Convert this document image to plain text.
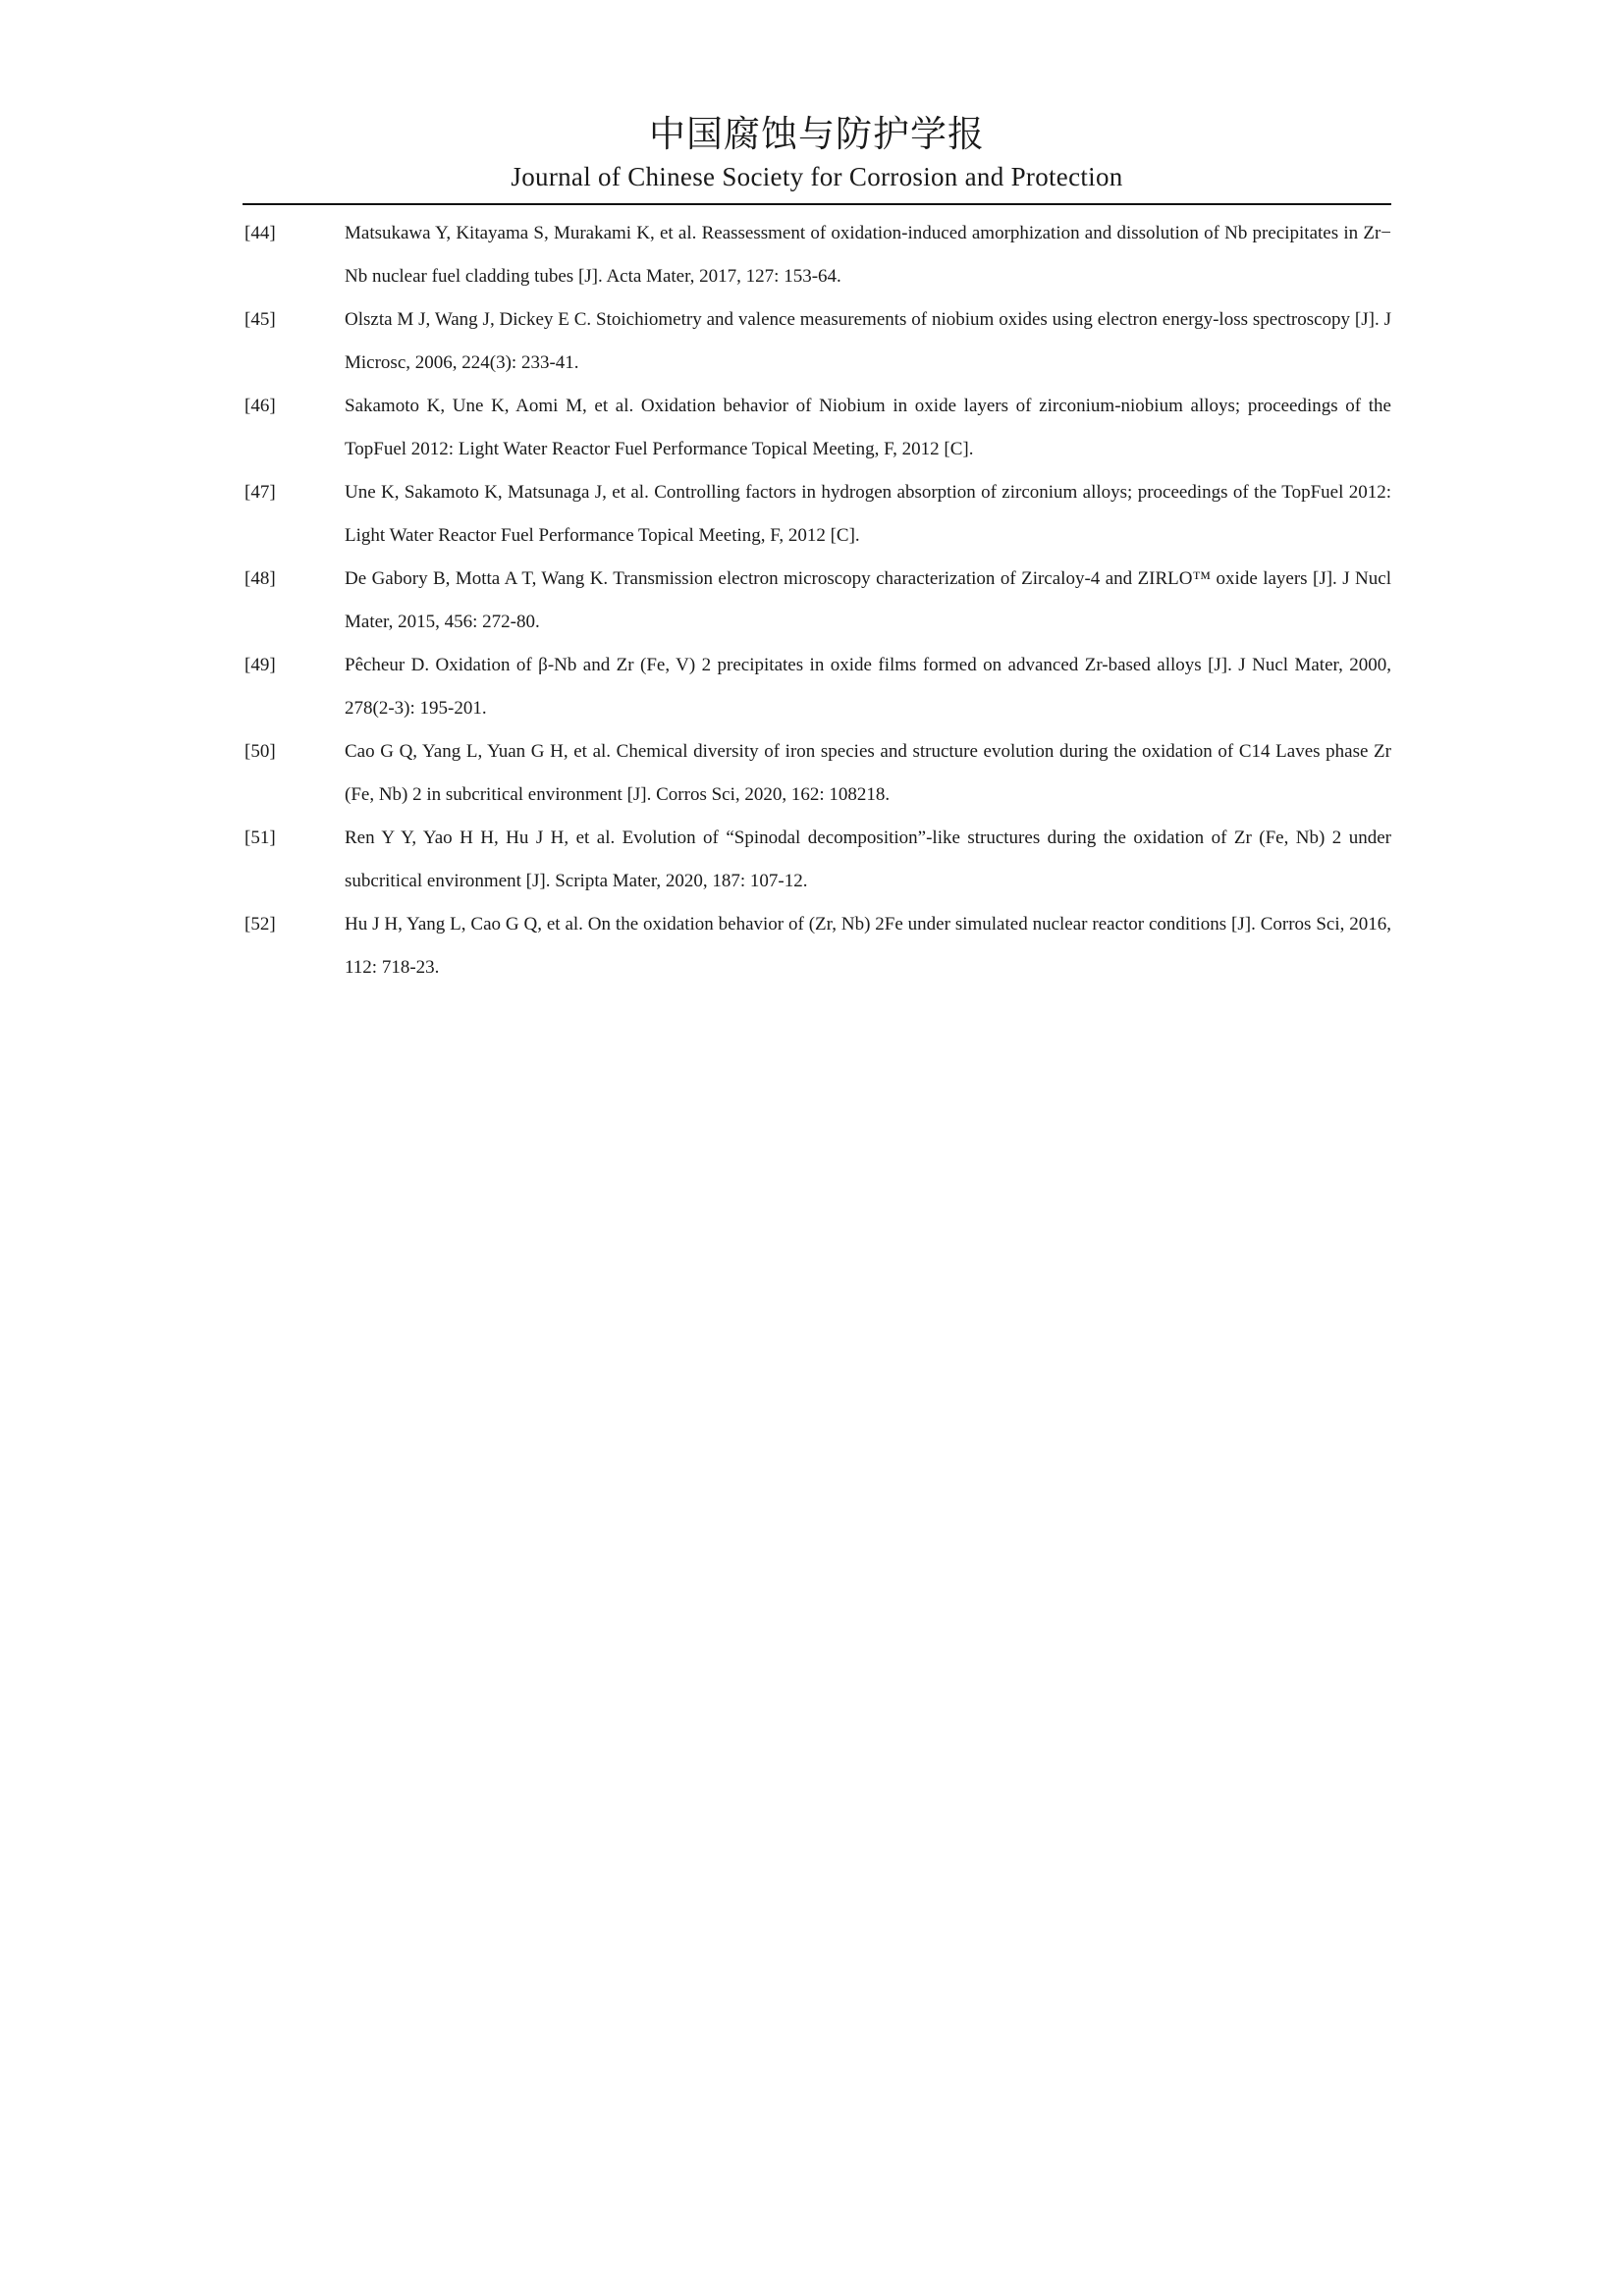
中国腐蚀与防护学报
Journal of Chinese Society for Corrosion and Protection
[44]	Matsukawa Y, Kitayama S, Murakami K, et al. Reassessment of oxidation-induced amorphization and dissolution of Nb precipitates in Zr− Nb nuclear fuel cladding tubes [J]. Acta Mater, 2017, 127: 153-64.
[45]	Olszta M J, Wang J, Dickey E C. Stoichiometry and valence measurements of niobium oxides using electron energy-loss spectroscopy [J]. J Microsc, 2006, 224(3): 233-41.
[46]	Sakamoto K, Une K, Aomi M, et al. Oxidation behavior of Niobium in oxide layers of zirconium-niobium alloys; proceedings of the TopFuel 2012: Light Water Reactor Fuel Performance Topical Meeting, F, 2012 [C].
[47]	Une K, Sakamoto K, Matsunaga J, et al. Controlling factors in hydrogen absorption of zirconium alloys; proceedings of the TopFuel 2012: Light Water Reactor Fuel Performance Topical Meeting, F, 2012 [C].
[48]	De Gabory B, Motta A T, Wang K. Transmission electron microscopy characterization of Zircaloy-4 and ZIRLO™ oxide layers [J]. J Nucl Mater, 2015, 456: 272-80.
[49]	Pêcheur D. Oxidation of β-Nb and Zr (Fe, V) 2 precipitates in oxide films formed on advanced Zr-based alloys [J]. J Nucl Mater, 2000, 278(2-3): 195-201.
[50]	Cao G Q, Yang L, Yuan G H, et al. Chemical diversity of iron species and structure evolution during the oxidation of C14 Laves phase Zr (Fe, Nb) 2 in subcritical environment [J]. Corros Sci, 2020, 162: 108218.
[51]	Ren Y Y, Yao H H, Hu J H, et al. Evolution of “Spinodal decomposition”-like structures during the oxidation of Zr (Fe, Nb) 2 under subcritical environment [J]. Scripta Mater, 2020, 187: 107-12.
[52]	Hu J H, Yang L, Cao G Q, et al. On the oxidation behavior of (Zr, Nb) 2Fe under simulated nuclear reactor conditions [J]. Corros Sci, 2016, 112: 718-23.
